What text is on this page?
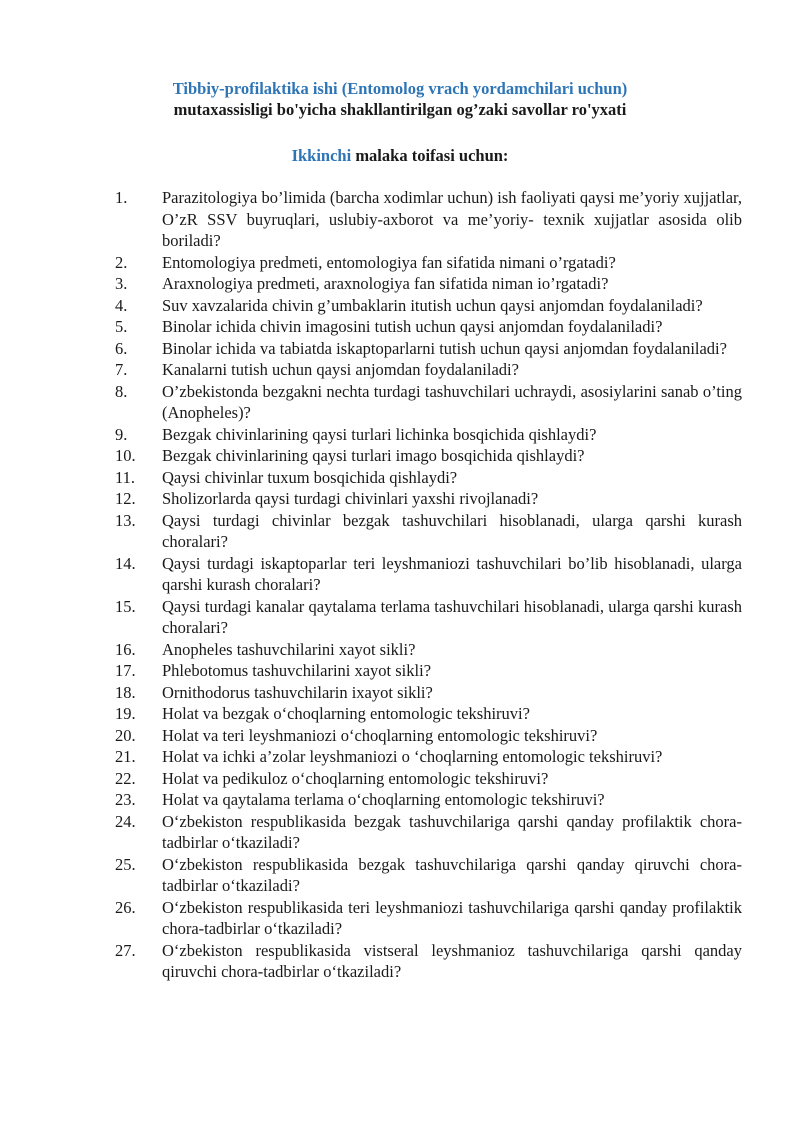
Tibbiy-profilaktika ishi (Entomolog vrach yordamchilari uchun)
mutaxassisligi bo'yicha shakllantirilgan og’zaki savollar ro'yxati
Ikkinchi malaka toifasi uchun:
1. Parazitologiya bo’limida (barcha xodimlar uchun) ish faoliyati qaysi me’yoriy xujjatlar, O’zR SSV buyruqlari, uslubiy-axborot va me’yoriy- texnik xujjatlar asosida olib boriladi?
2. Entomologiya predmeti, entomologiya fan sifatida nimani o’rgatadi?
3. Araxnologiya predmeti, araxnologiya fan sifatida niman io’rgatadi?
4. Suv xavzalarida chivin g’umbaklarin itutish uchun qaysi anjomdan foydalaniladi?
5. Binolar ichida chivin imagosini tutish uchun qaysi anjomdan foydalaniladi?
6. Binolar ichida va tabiatda iskaptoparlarni tutish uchun qaysi anjomdan foydalaniladi?
7. Kanalarni tutish uchun qaysi anjomdan foydalaniladi?
8. O’zbekistonda bezgakni nechta turdagi tashuvchilari uchraydi, asosiylarini sanab o’ting (Anopheles)?
9. Bezgak chivinlarining qaysi turlari lichinka bosqichida qishlaydi?
10. Bezgak chivinlarining qaysi turlari imago bosqichida qishlaydi?
11. Qaysi chivinlar tuxum bosqichida qishlaydi?
12. Sholizorlarda qaysi turdagi chivinlari yaxshi rivojlanadi?
13. Qaysi turdagi chivinlar bezgak tashuvchilari hisoblanadi, ularga qarshi kurash choralari?
14. Qaysi turdagi iskaptoparlar teri leyshmaniozi tashuvchilari bo’lib hisoblanadi, ularga qarshi kurash choralari?
15. Qaysi turdagi kanalar qaytalama terlama tashuvchilari hisoblanadi, ularga qarshi kurash choralari?
16. Anopheles tashuvchilarini xayot sikli?
17. Phlebotomus tashuvchilarini xayot sikli?
18. Ornithodorus tashuvchilarin ixayot sikli?
19. Holat va bezgak o‘choqlarning entomologic tekshiruvi?
20. Holat va teri leyshmaniozi o‘choqlarning entomologic tekshiruvi?
21. Holat va ichki a’zolar leyshmaniozi o ‘choqlarning entomologic tekshiruvi?
22. Holat va pedikuloz o‘choqlarning entomologic tekshiruvi?
23. Holat va qaytalama terlama o‘choqlarning entomologic tekshiruvi?
24. O‘zbekiston respublikasida bezgak tashuvchilariga qarshi qanday profilaktik chora-tadbirlar o‘tkaziladi?
25. O‘zbekiston respublikasida bezgak tashuvchilariga qarshi qanday qiruvchi chora-tadbirlar o‘tkaziladi?
26. O‘zbekiston respublikasida teri leyshmaniozi tashuvchilariga qarshi qanday profilaktik chora-tadbirlar o‘tkaziladi?
27. O‘zbekiston respublikasida vistseral leyshmanioz tashuvchilariga qarshi qanday qiruvchi chora-tadbirlar o‘tkaziladi?
